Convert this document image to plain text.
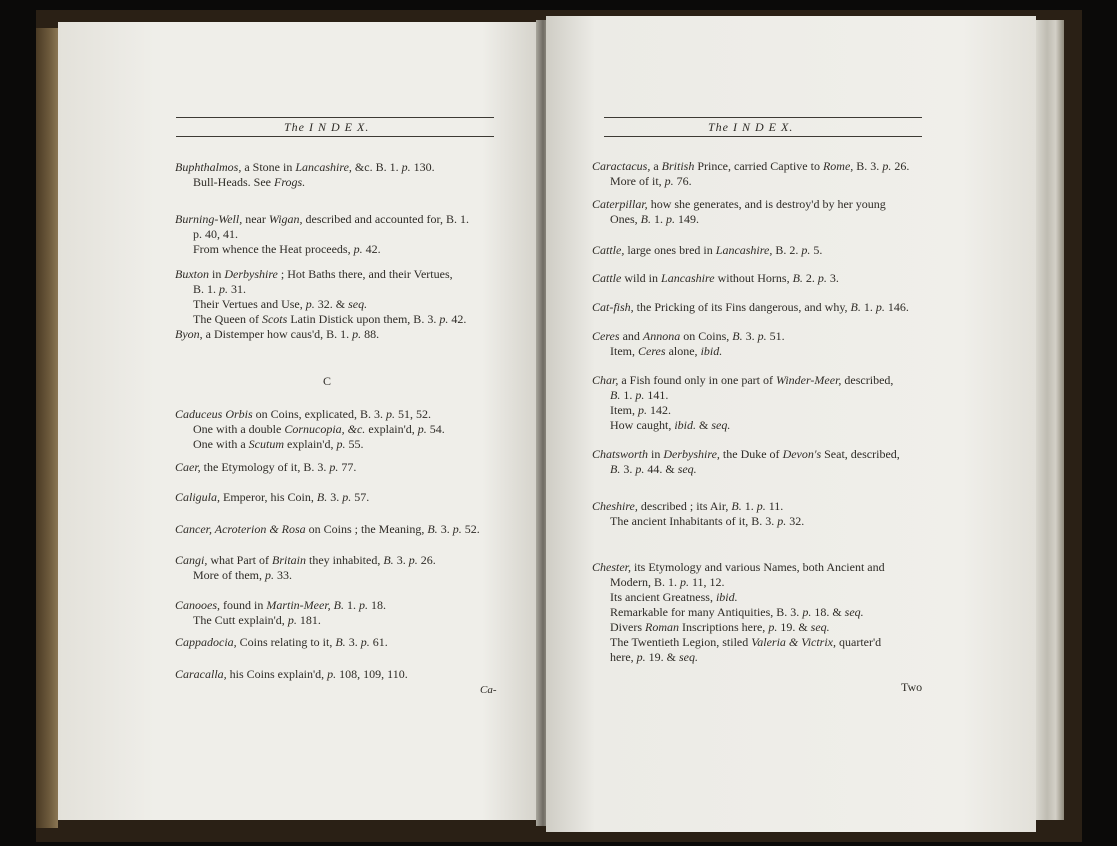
The I N D E X.
C
Ca-
Buphthalmos, a Stone in Lancashire, &c. B. 1. p. 130.
  Bull-Heads. See Frogs.
Burning-Well, near Wigan, described and accounted for, B. 1.
  p. 40, 41.
  From whence the Heat proceeds, p. 42.
Buxton in Derbyshire ; Hot Baths there, and their Vertues,
  B. 1. p. 31.
  Their Vertues and Use, p. 32. & seq.
  The Queen of Scots Latin Distick upon them, B. 3. p. 42.
Byon, a Distemper how caus'd, B. 1. p. 88.
Caduceus Orbis on Coins, explicated, B. 3. p. 51, 52.
  One with a double Cornucopia, &c. explain'd, p. 54.
  One with a Scutum explain'd, p. 55.
Caer, the Etymology of it, B. 3. p. 77.
Caligula, Emperor, his Coin, B. 3. p. 57.
Cancer, Acroterion & Rosa on Coins ; the Meaning, B. 3. p. 52.
Cangi, what Part of Britain they inhabited, B. 3. p. 26.
  More of them, p. 33.
Canooes, found in Martin-Meer, B. 1. p. 18.
  The Cutt explain'd, p. 181.
Cappadocia, Coins relating to it, B. 3. p. 61.
Caracalla, his Coins explain'd, p. 108, 109, 110.
The I N D E X.
Two
Caractacus, a British Prince, carried Captive to Rome, B. 3. p. 26.
  More of it, p. 76.
Caterpillar, how she generates, and is destroy'd by her young
  Ones, B. 1. p. 149.
Cattle, large ones bred in Lancashire, B. 2. p. 5.
Cattle wild in Lancashire without Horns, B. 2. p. 3.
Cat-fish, the Pricking of its Fins dangerous, and why, B. 1. p. 146.
Ceres and Annona on Coins, B. 3. p. 51.
  Item, Ceres alone, ibid.
Char, a Fish found only in one part of Winder-Meer, described,
  B. 1. p. 141.
  Item, p. 142.
  How caught, ibid. & seq.
Chatsworth in Derbyshire, the Duke of Devon's Seat, described,
  B. 3. p. 44. & seq.
Cheshire, described ; its Air, B. 1. p. 11.
  The ancient Inhabitants of it, B. 3. p. 32.
Chester, its Etymology and various Names, both Ancient and
  Modern, B. 1. p. 11, 12.
  Its ancient Greatness, ibid.
  Remarkable for many Antiquities, B. 3. p. 18. & seq.
  Divers Roman Inscriptions here, p. 19. & seq.
  The Twentieth Legion, stiled Valeria & Victrix, quarter'd
  here, p. 19. & seq.
